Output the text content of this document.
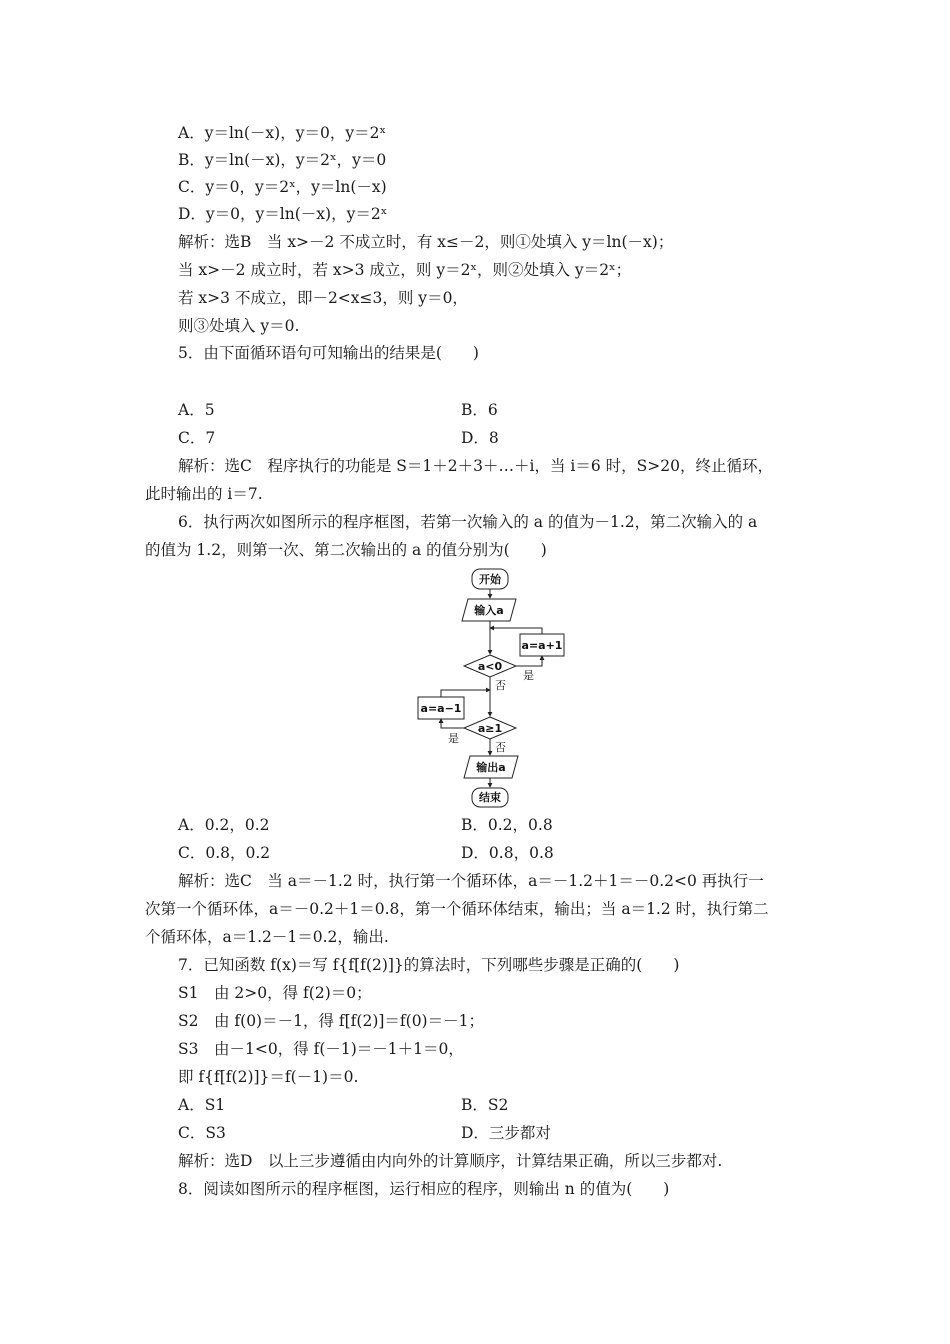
A．y＝ln(－x)，y＝0，y＝2ˣ
B．y＝ln(－x)，y＝2ˣ，y＝0
C．y＝0，y＝2ˣ，y＝ln(－x)
D．y＝0，y＝ln(－x)，y＝2ˣ
解析：选B　当 x>－2 不成立时，有 x≤－2，则①处填入 y＝ln(－x)；
当 x>－2 成立时，若 x>3 成立，则 y＝2ˣ，则②处填入 y＝2ˣ；
若 x>3 不成立，即－2<x≤3，则 y＝0，
则③处填入 y＝0.
5．由下面循环语句可知输出的结果是(　　)
A．5	B．6
C．7	D．8
解析：选C　程序执行的功能是 S＝1＋2＋3＋…＋i，当 i＝6 时，S>20，终止循环，
此时输出的 i＝7.
6．执行两次如图所示的程序框图，若第一次输入的 a 的值为－1.2，第二次输入的 a
的值为 1.2，则第一次、第二次输出的 a 的值分别为(　　)
开始
输入a
a=a+1
a<0
a=a−1
a≥1
输出a
结束
是
否
是
否
A．0.2，0.2	B．0.2，0.8
C．0.8，0.2	D．0.8，0.8
解析：选C　当 a＝－1.2 时，执行第一个循环体，a＝－1.2＋1＝－0.2<0 再执行一
次第一个循环体，a＝－0.2＋1＝0.8，第一个循环体结束，输出；当 a＝1.2 时，执行第二
个循环体，a＝1.2－1＝0.2，输出.
7．已知函数 f(x)＝写 f{f[f(2)]}的算法时，下列哪些步骤是正确的(　　)
S1　由 2>0，得 f(2)＝0；
S2　由 f(0)＝－1，得 f[f(2)]＝f(0)＝－1；
S3　由－1<0，得 f(－1)＝－1＋1＝0，
即 f{f[f(2)]}＝f(－1)＝0.
A．S1	B．S2
C．S3	D．三步都对
解析：选D　以上三步遵循由内向外的计算顺序，计算结果正确，所以三步都对.
8．阅读如图所示的程序框图，运行相应的程序，则输出 n 的值为(　　)
